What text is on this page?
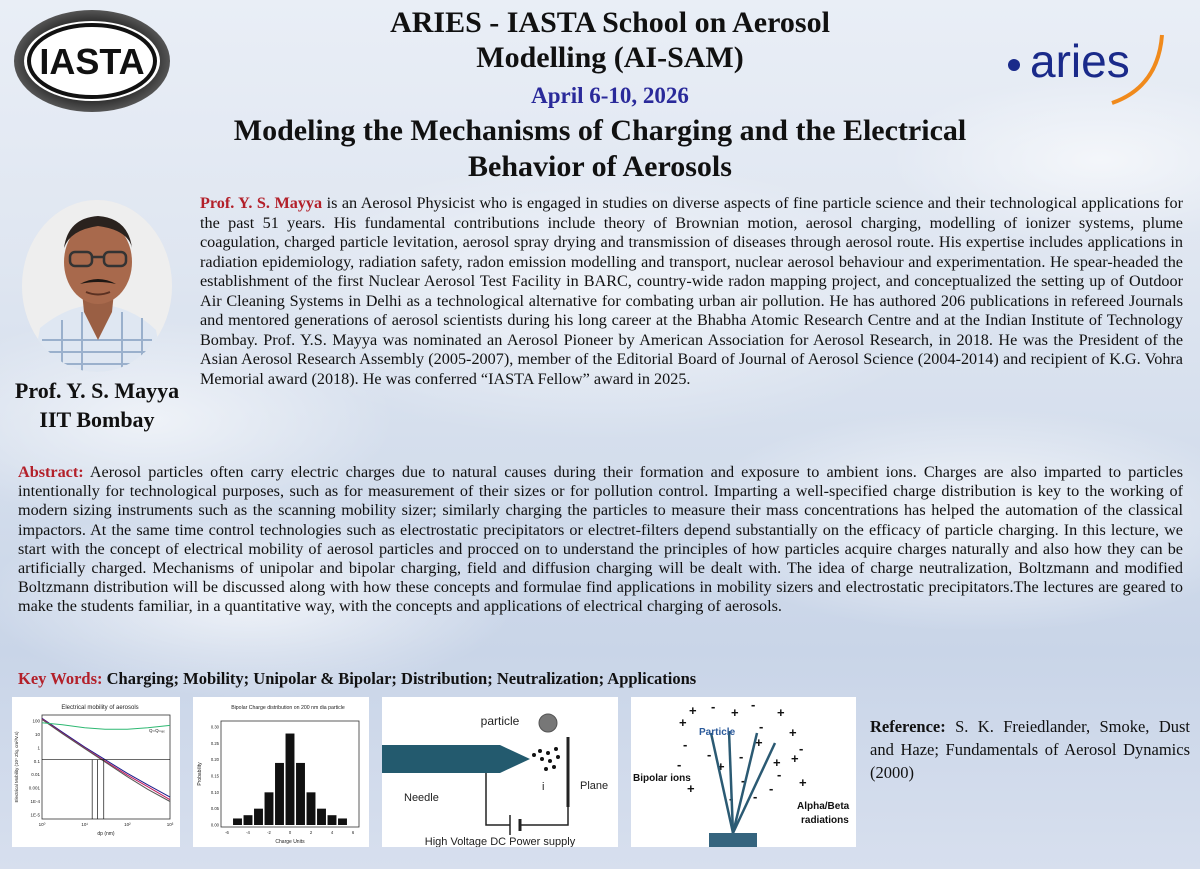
IASTA	aries
ARIES - IASTA School on Aerosol
Modelling (AI-SAM)
April 6-10, 2026
Modeling the Mechanisms of Charging and the Electrical
Behavior of Aerosols
Prof. Y. S. Mayya
IIT Bombay
Prof. Y. S. Mayya is an Aerosol Physicist who is engaged in studies on diverse aspects of fine particle science and their technological applications for the past 51 years. His fundamental contributions include theory of Brownian motion, aerosol charging, modelling of ionizer systems, plume coagulation, charged particle levitation, aerosol spray drying and transmission of diseases through aerosol route. His expertise includes applications in radiation epidemiology, radiation safety, radon emission modelling and transport, nuclear aerosol behaviour and experimentation. He spear-headed the establishment of the first Nuclear Aerosol Test Facility in BARC, country-wide radon mapping project, and conceptualized the setting up of Outdoor Air Cleaning Systems in Delhi as a technological alternative for combating urban air pollution. He has authored 206 publications in refereed Journals and mentored generations of aerosol scientists during his long career at the Bhabha Atomic Research Centre and at the Indian Institute of Technology Bombay. Prof. Y.S. Mayya was nominated an Aerosol Pioneer by American Association for Aerosol Research, in 2018. He was the President of the Asian Aerosol Research Assembly (2005-2007), member of the Editorial Board of Journal of Aerosol Science (2004-2014) and recipient of K.G. Vohra Memorial award (2018). He was conferred “IASTA Fellow” award in 2025.
Abstract: Aerosol particles often carry electric charges due to natural causes during their formation and exposure to ambient ions. Charges are also imparted to particles intentionally for technological purposes, such as for measurement of their sizes or for pollution control. Imparting a well-specified charge distribution is key to the working of modern sizing instruments such as the scanning mobility sizer; similarly charging the particles to measure their mass concentrations has helped the automation of the classical impactors. At the same time control technologies such as electrostatic precipitators or electret-filters depend substantially on the efficacy of particle charging. In this lecture, we start with the concept of electrical mobility of aerosol particles and procced on to understand the principles of how particles acquire charges naturally and also how they can be artificially charged. Mechanisms of unipolar and bipolar charging, field and diffusion charging will be dealt with. The idea of charge neutralization, Boltzmann and modified Boltzmann distribution will be discussed along with how these concepts and formulae find applications in mobility sizers and electrostatic precipitators.The lectures are geared to make the students familiar, in a quantitative way, with the concepts and applications of electrical charging of aerosols.
Key Words: Charging; Mobility; Unipolar & Bipolar; Distribution; Neutralization; Applications
Electrical mobility of aerosols
100
10
1
0.1
0.01
0.001
1E-4
1E-5
10⁰	10¹	10²	10³
dp (nm)
Electrical Mobility (10⁴ Z/q, cm²/V.s)
Q=Qₘₐₓ
Bipolar Charge distribution on 200 nm dia particle
0.30
0.25
0.20
0.15
0.10
0.05
0.00
-6	-4	-2	0	2	4	6
Charge Units
Probability
particle
Needle
i	Plane
High Voltage DC Power supply
+
+ - +
-
+
- +
-
+
+
-
-
-
-
-
+
-
-
-
+	+
-
+
Particle
Bipolar ions
Alpha/Beta
radiations
Reference: S. K. Freiedlander, Smoke, Dust and Haze; Fundamentals of Aerosol Dynamics (2000)
